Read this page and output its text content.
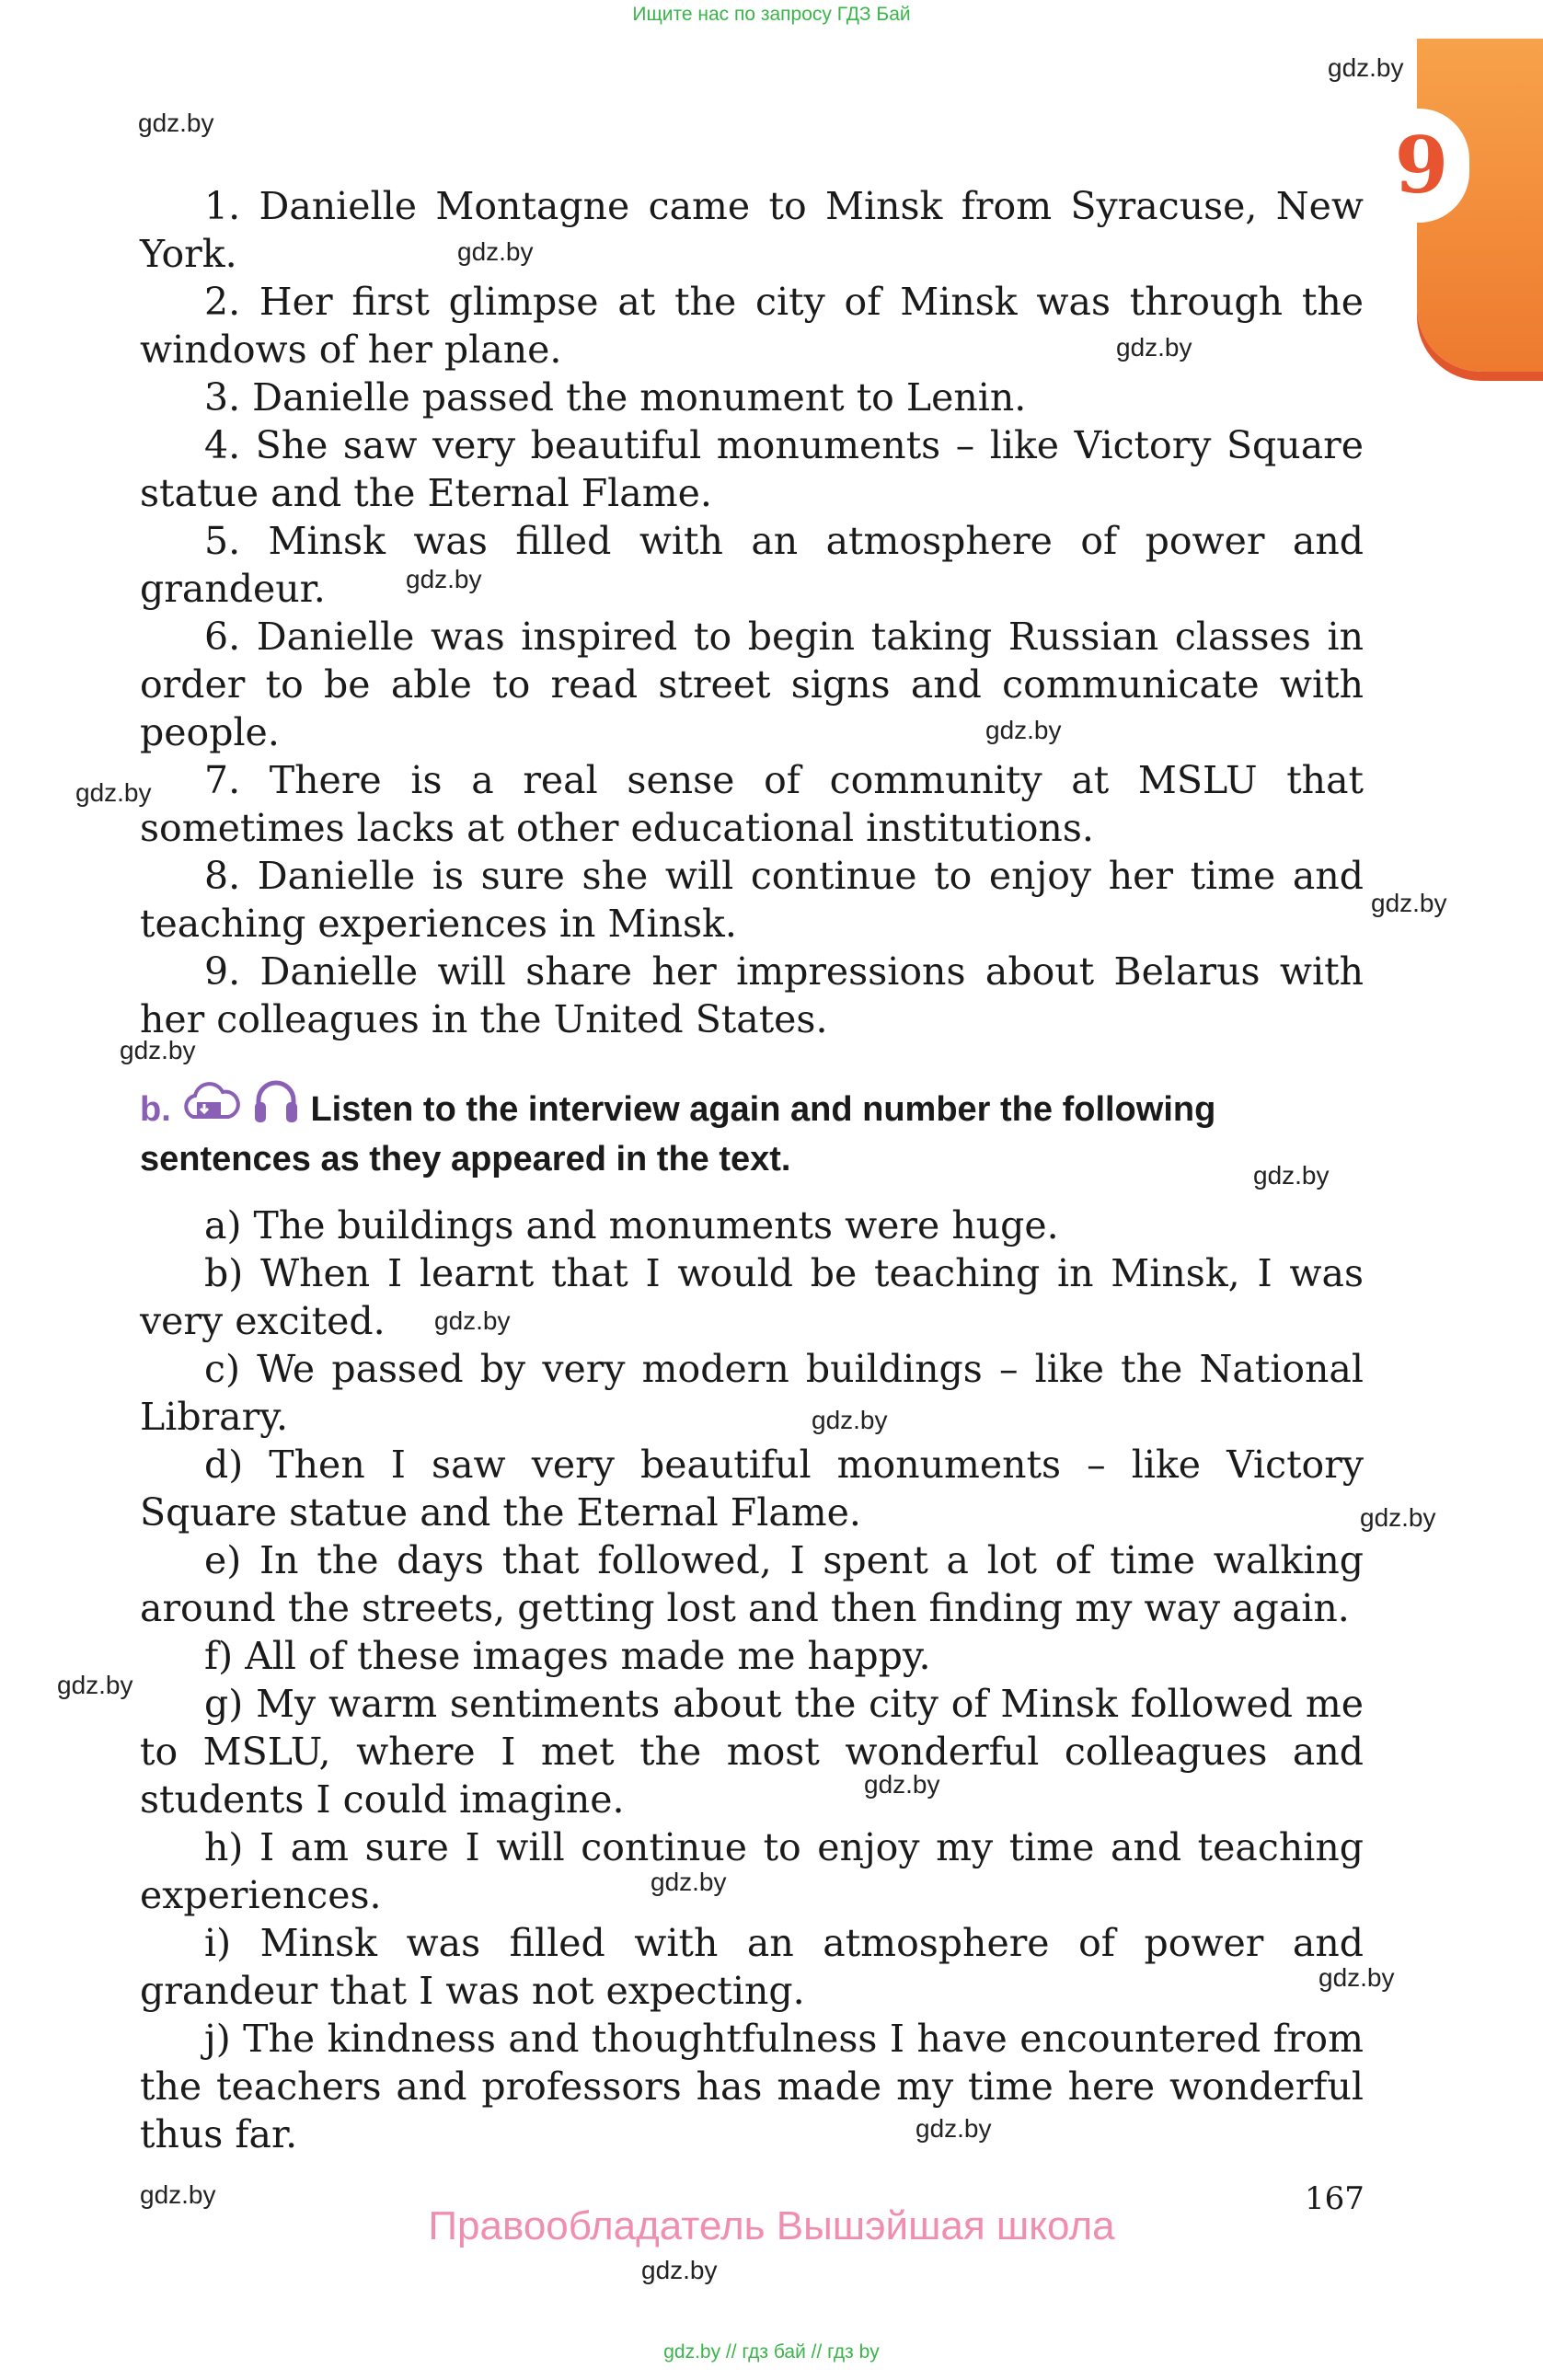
Ищите нас по запросу ГДЗ Бай
9

1. Danielle Montagne came to Minsk from Syracuse, New York.

2. Her first glimpse at the city of Minsk was through the windows of her plane.

3. Danielle passed the monument to Lenin.

4. She saw very beautiful monuments – like Victory Square statue and the Eternal Flame.

5. Minsk was filled with an atmosphere of power and grandeur.

6. Danielle was inspired to begin taking Russian classes in order to be able to read street signs and communicate with people.

7. There is a real sense of community at MSLU that sometimes lacks at other educational institutions.

8. Danielle is sure she will continue to enjoy her time and teaching experiences in Minsk.

9. Danielle will share her impressions about Belarus with her colleagues in the United States.

b.	Listen to the interview again and number the following sentences as they appeared in the text.

a) The buildings and monuments were huge.

b) When I learnt that I would be teaching in Minsk, I was very excited.

c) We passed by very modern buildings – like the National Library.

d) Then I saw very beautiful monuments – like Victory Square statue and the Eternal Flame.

e) In the days that followed, I spent a lot of time walking around the streets, getting lost and then finding my way again.

f) All of these images made me happy.

g) My warm sentiments about the city of Minsk followed me to MSLU, where I met the most wonderful colleagues and students I could imagine.

h) I am sure I will continue to enjoy my time and teaching experiences.

i) Minsk was filled with an atmosphere of power and grandeur that I was not expecting.

j) The kindness and thoughtfulness I have encountered from the teachers and professors has made my time here wonderful thus far.

gdz.by
gdz.by
gdz.by
gdz.by
gdz.by
gdz.by
gdz.by
gdz.by
gdz.by
gdz.by
gdz.by
gdz.by
gdz.by
gdz.by
gdz.by
gdz.by
gdz.by
gdz.by
gdz.by
gdz.by
167
Правообладатель Вышэйшая школа
gdz.by // гдз бай // гдз by
